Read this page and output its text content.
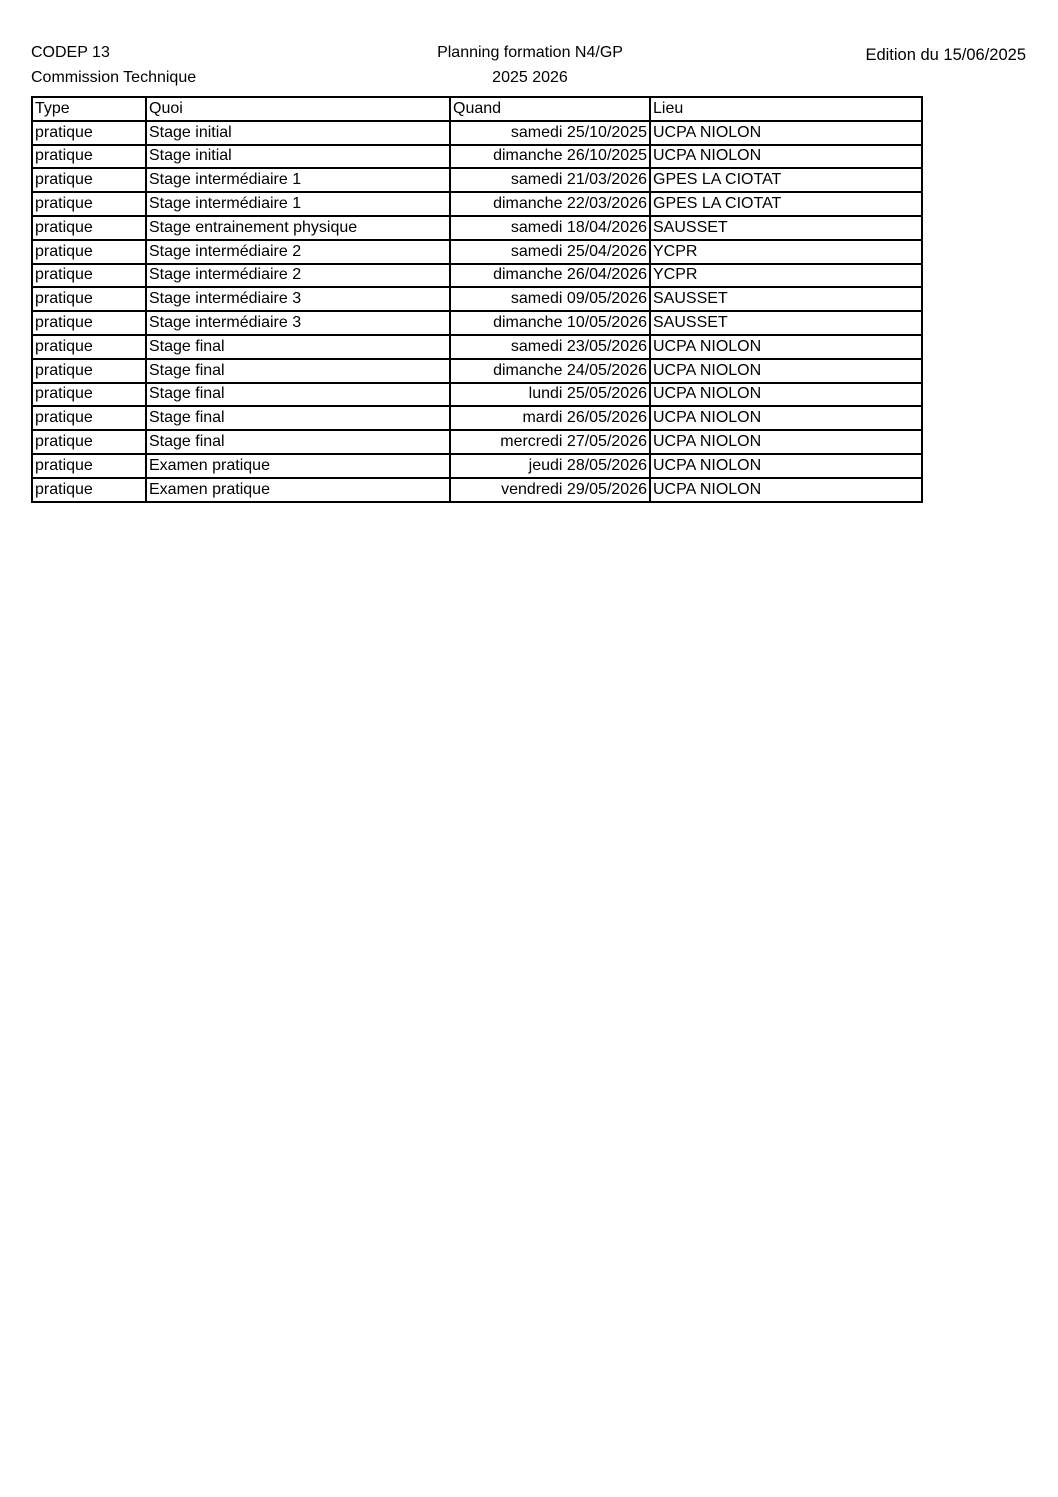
CODEP 13
Commission Technique
Planning formation N4/GP
2025 2026
Edition du 15/06/2025
Type	Quoi	Quand	Lieu
pratique	Stage initial	samedi 25/10/2025	UCPA NIOLON
pratique	Stage initial	dimanche 26/10/2025	UCPA NIOLON
pratique	Stage intermédiaire 1	samedi 21/03/2026	GPES LA CIOTAT
pratique	Stage intermédiaire 1	dimanche 22/03/2026	GPES LA CIOTAT
pratique	Stage entrainement physique	samedi 18/04/2026	SAUSSET
pratique	Stage intermédiaire 2	samedi 25/04/2026	YCPR
pratique	Stage intermédiaire 2	dimanche 26/04/2026	YCPR
pratique	Stage intermédiaire 3	samedi 09/05/2026	SAUSSET
pratique	Stage intermédiaire 3	dimanche 10/05/2026	SAUSSET
pratique	Stage final	samedi 23/05/2026	UCPA NIOLON
pratique	Stage final	dimanche 24/05/2026	UCPA NIOLON
pratique	Stage final	lundi 25/05/2026	UCPA NIOLON
pratique	Stage final	mardi 26/05/2026	UCPA NIOLON
pratique	Stage final	mercredi 27/05/2026	UCPA NIOLON
pratique	Examen pratique	jeudi 28/05/2026	UCPA NIOLON
pratique	Examen pratique	vendredi 29/05/2026	UCPA NIOLON
